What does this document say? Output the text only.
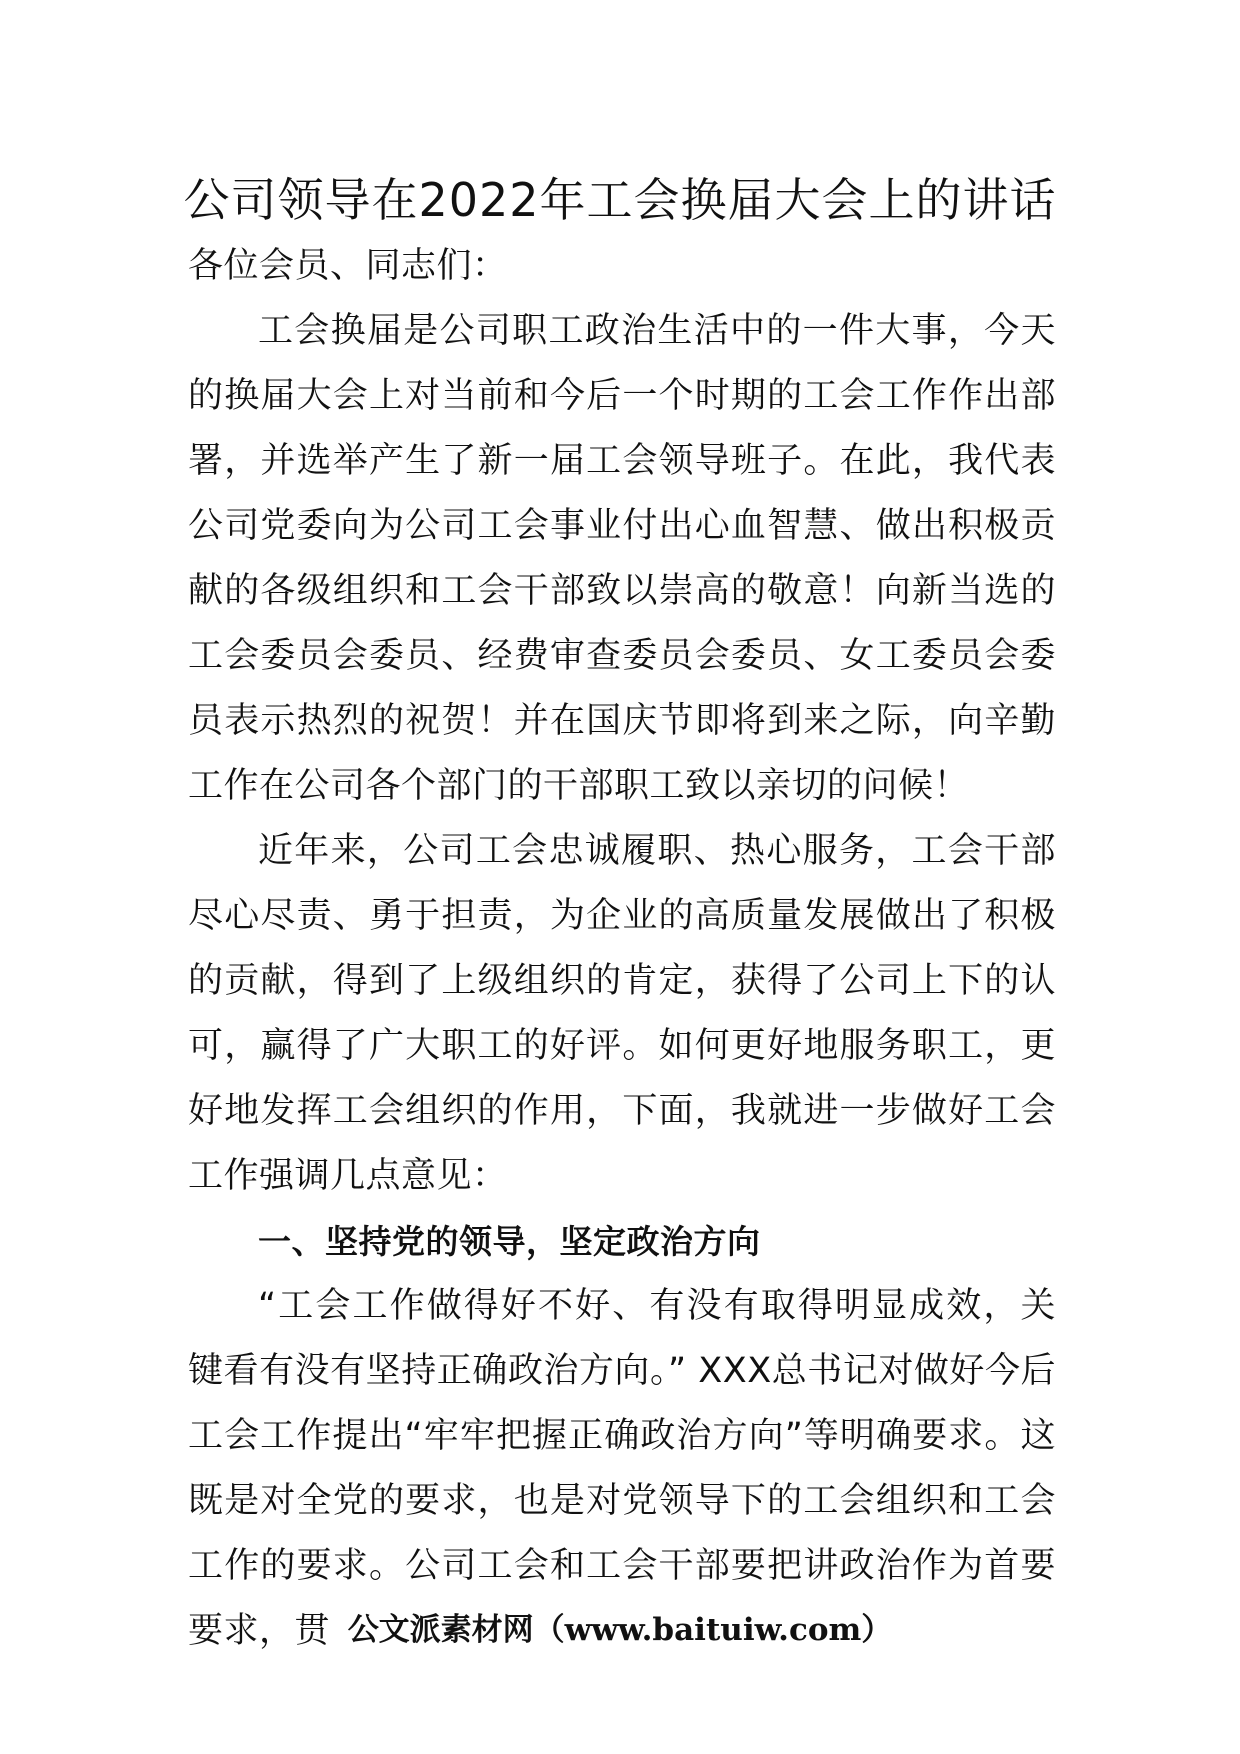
公司领导在2022年工会换届大会上的讲话

各位会员、同志们：

工会换届是公司职工政治生活中的一件大事，今天的换届大会上对当前和今后一个时期的工会工作作出部署，并选举产生了新一届工会领导班子。在此，我代表公司党委向为公司工会事业付出心血智慧、做出积极贡献的各级组织和工会干部致以崇高的敬意！向新当选的工会委员会委员、经费审查委员会委员、女工委员会委员表示热烈的祝贺！并在国庆节即将到来之际，向辛勤工作在公司各个部门的干部职工致以亲切的问候！

近年来，公司工会忠诚履职、热心服务，工会干部尽心尽责、勇于担责，为企业的高质量发展做出了积极的贡献，得到了上级组织的肯定，获得了公司上下的认可，赢得了广大职工的好评。如何更好地服务职工，更好地发挥工会组织的作用，下面，我就进一步做好工会工作强调几点意见：

一、坚持党的领导，坚定政治方向

“工会工作做得好不好、有没有取得明显成效，关键看有没有坚持正确政治方向。” XXX总书记对做好今后工会工作提出“牢牢把握正确政治方向”等明确要求。这既是对全党的要求，也是对党领导下的工会组织和工会工作的要求。公司工会和工会干部要把讲政治作为首要要求，贯 公文派素材网（www.baituiw.com）
